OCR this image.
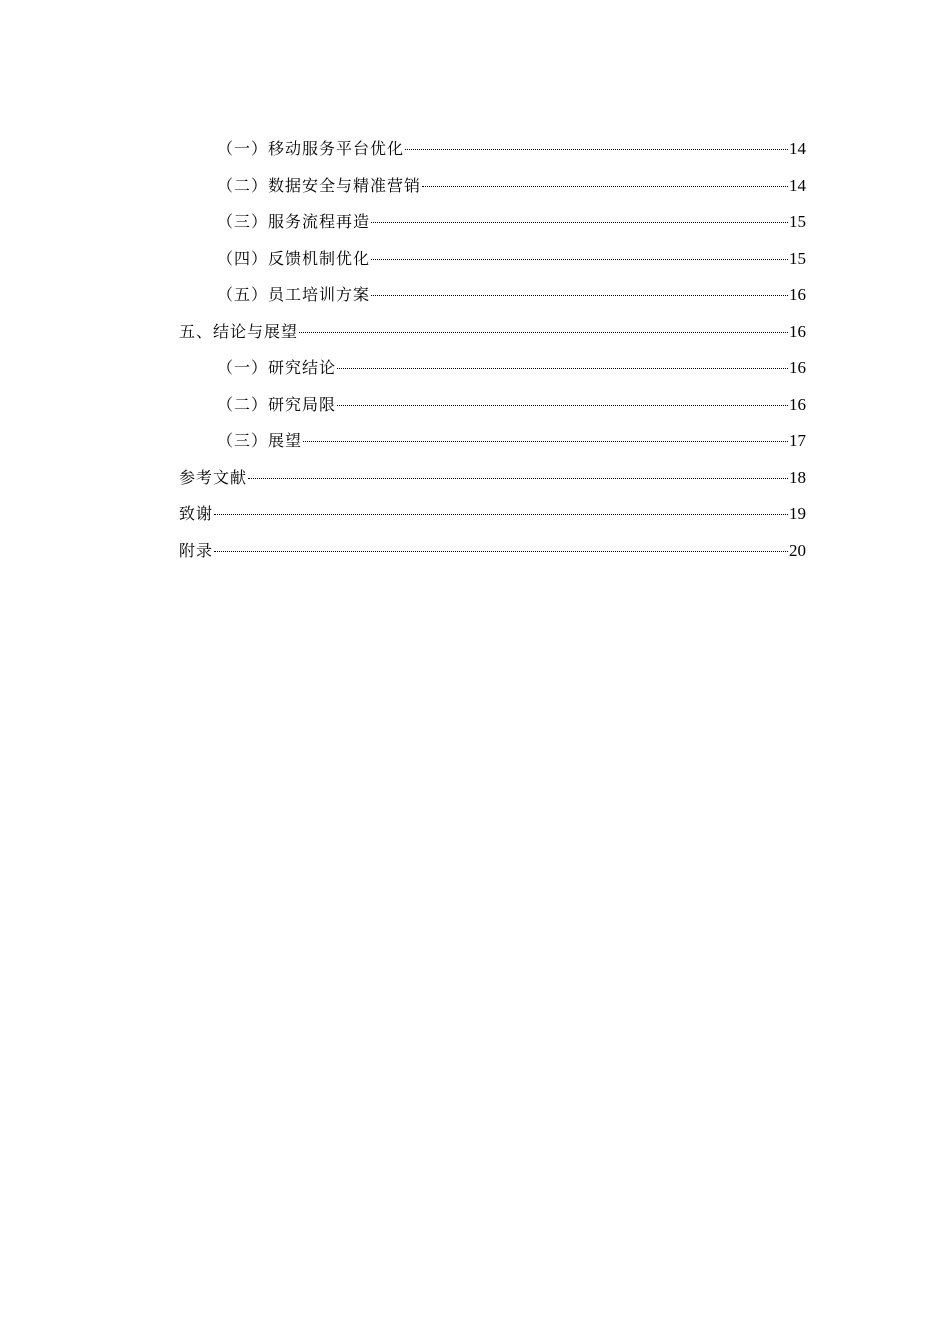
（一）移动服务平台优化	14
（二）数据安全与精准营销	14
（三）服务流程再造	15
（四）反馈机制优化	15
（五）员工培训方案	16
五、结论与展望	16
（一）研究结论	16
（二）研究局限	16
（三）展望	17
参考文献	18
致谢	19
附录	20
